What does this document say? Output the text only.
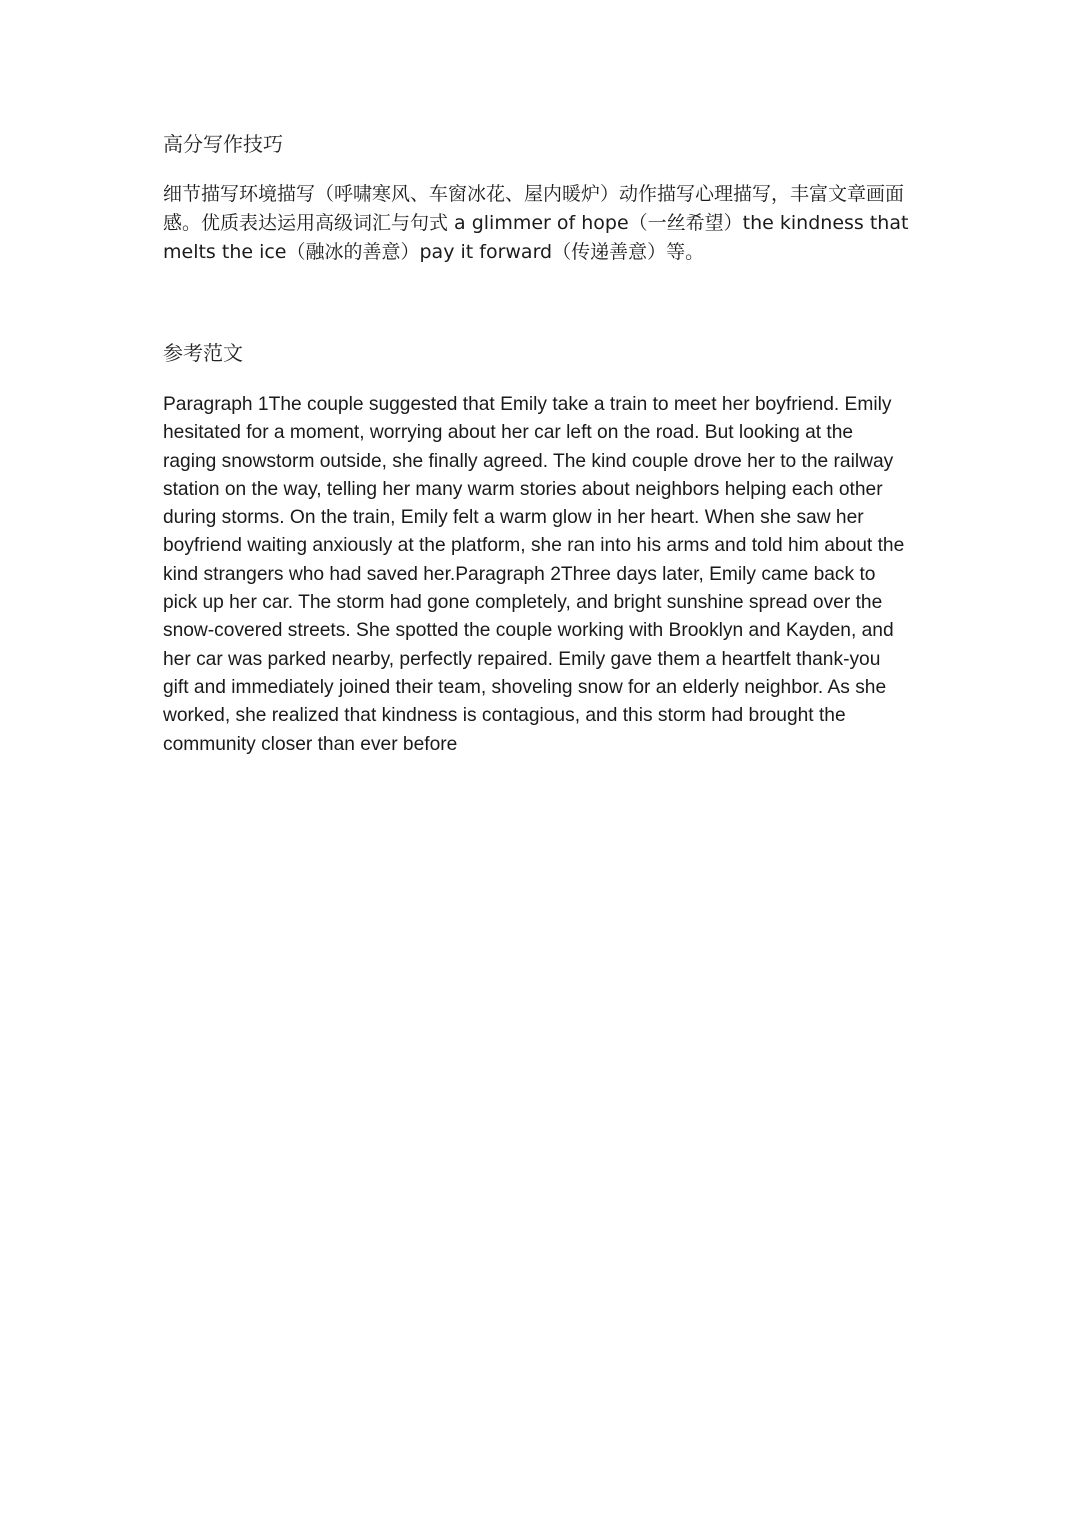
高分写作技巧

细节描写环境描写（呼啸寒风、车窗冰花、屋内暖炉）动作描写心理描写，丰富文章画面感。优质表达运用高级词汇与句式 a glimmer of hope（一丝希望）the kindness that melts the ice（融冰的善意）pay it forward（传递善意）等。

参考范文

Paragraph 1The couple suggested that Emily take a train to meet her boyfriend. Emily hesitated for a moment, worrying about her car left on the road. But looking at the raging snowstorm outside, she finally agreed. The kind couple drove her to the railway station on the way, telling her many warm stories about neighbors helping each other during storms. On the train, Emily felt a warm glow in her heart. When she saw her boyfriend waiting anxiously at the platform, she ran into his arms and told him about the kind strangers who had saved her.Paragraph 2Three days later, Emily came back to pick up her car. The storm had gone completely, and bright sunshine spread over the snow-covered streets. She spotted the couple working with Brooklyn and Kayden, and her car was parked nearby, perfectly repaired. Emily gave them a heartfelt thank-you gift and immediately joined their team, shoveling snow for an elderly neighbor. As she worked, she realized that kindness is contagious, and this storm had brought the community closer than ever before
